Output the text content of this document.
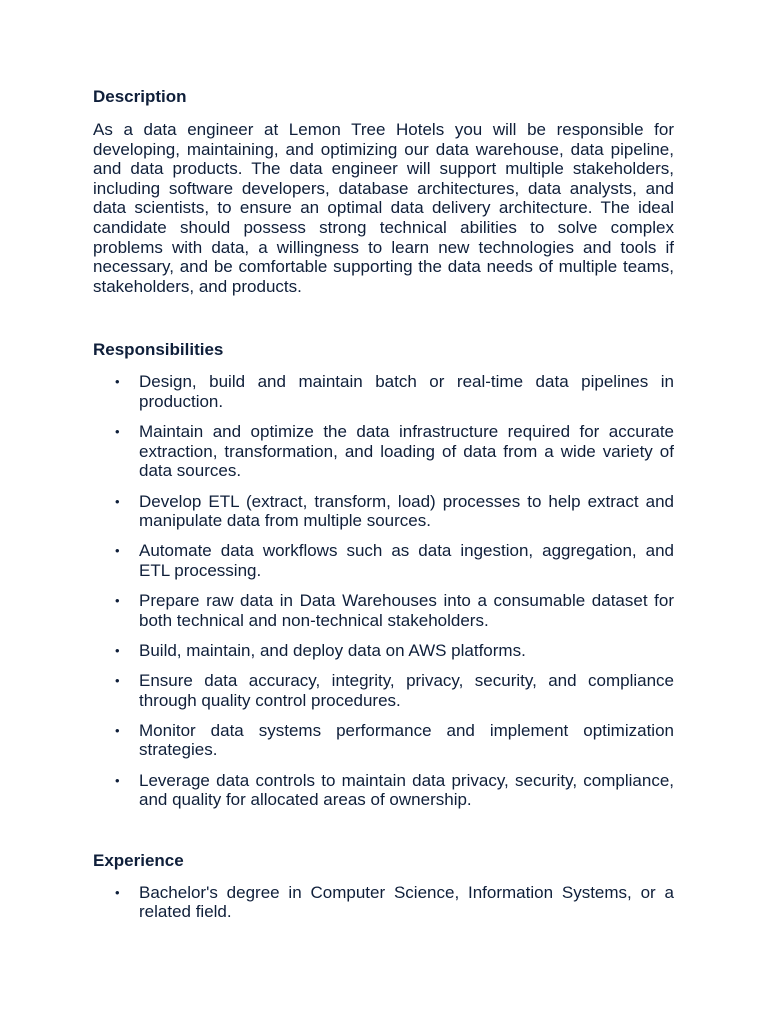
Description

As a data engineer at Lemon Tree Hotels you will be responsible for developing, maintaining, and optimizing our data warehouse, data pipeline, and data products. The data engineer will support multiple stakeholders, including software developers, database architectures, data analysts, and data scientists, to ensure an optimal data delivery architecture. The ideal candidate should possess strong technical abilities to solve complex problems with data, a willingness to learn new technologies and tools if necessary, and be comfortable supporting the data needs of multiple teams, stakeholders, and products.

Responsibilities
• Design, build and maintain batch or real-time data pipelines in production.
• Maintain and optimize the data infrastructure required for accurate extraction, transformation, and loading of data from a wide variety of data sources.
• Develop ETL (extract, transform, load) processes to help extract and manipulate data from multiple sources.
• Automate data workflows such as data ingestion, aggregation, and ETL processing.
• Prepare raw data in Data Warehouses into a consumable dataset for both technical and non-technical stakeholders.
• Build, maintain, and deploy data on AWS platforms.
• Ensure data accuracy, integrity, privacy, security, and compliance through quality control procedures.
• Monitor data systems performance and implement optimization strategies.
• Leverage data controls to maintain data privacy, security, compliance, and quality for allocated areas of ownership.
Experience
• Bachelor's degree in Computer Science, Information Systems, or a related field.
